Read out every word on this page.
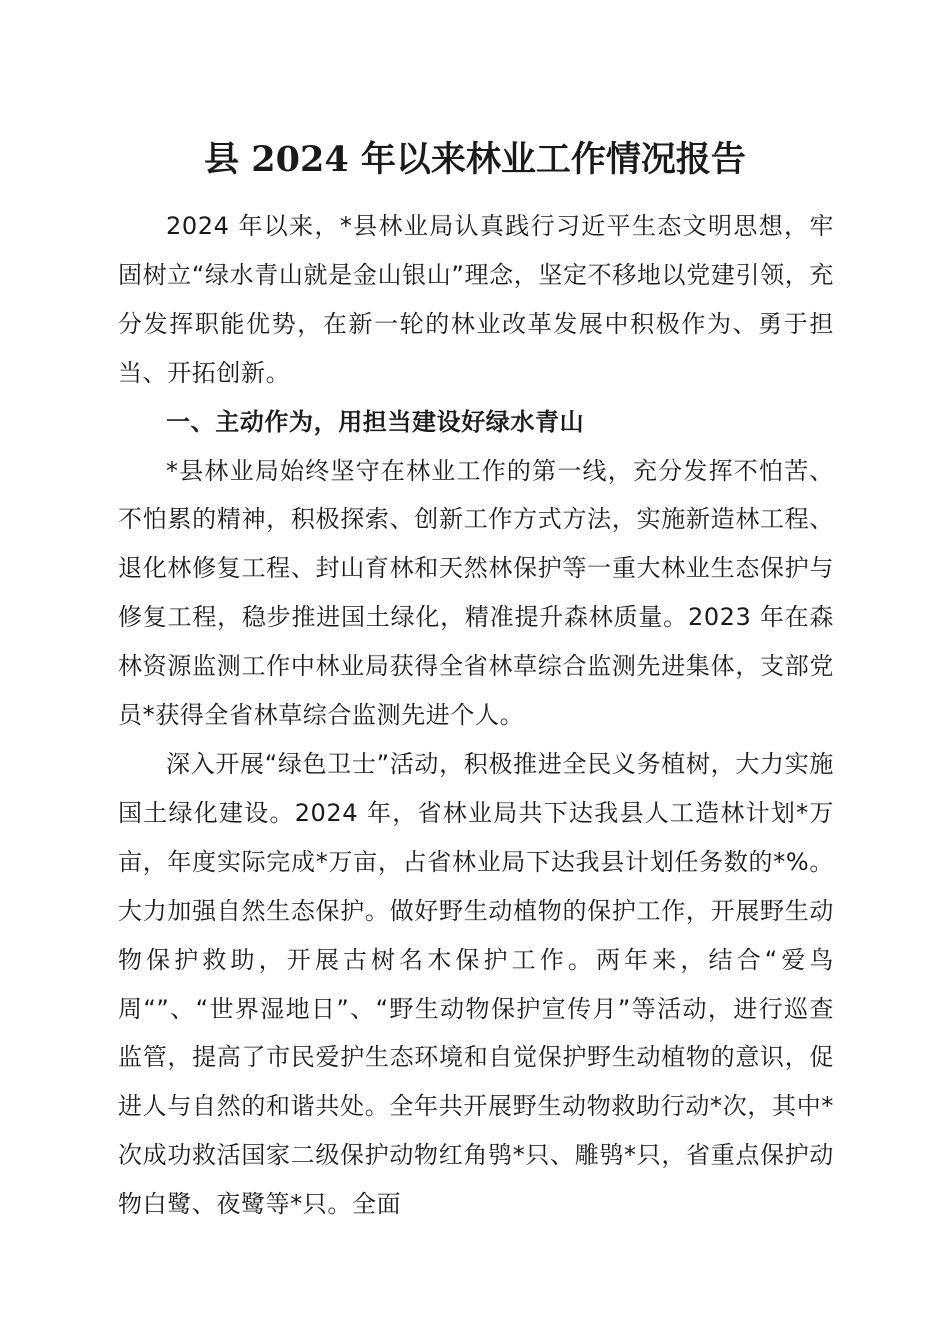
县 2024 年以来林业工作情况报告

2024 年以来，*县林业局认真践行习近平生态文明思想，牢固树立“绿水青山就是金山银山”理念，坚定不移地以党建引领，充分发挥职能优势，在新一轮的林业改革发展中积极作为、勇于担当、开拓创新。

一、主动作为，用担当建设好绿水青山

*县林业局始终坚守在林业工作的第一线，充分发挥不怕苦、不怕累的精神，积极探索、创新工作方式方法，实施新造林工程、退化林修复工程、封山育林和天然林保护等一重大林业生态保护与修复工程，稳步推进国土绿化，精准提升森林质量。2023 年在森林资源监测工作中林业局获得全省林草综合监测先进集体，支部党员*获得全省林草综合监测先进个人。

深入开展“绿色卫士”活动，积极推进全民义务植树，大力实施国土绿化建设。2024 年，省林业局共下达我县人工造林计划*万亩，年度实际完成*万亩，占省林业局下达我县计划任务数的*%。大力加强自然生态保护。做好野生动植物的保护工作，开展野生动物保护救助，开展古树名木保护工作。两年来，结合“爱鸟周“”、“世界湿地日”、“野生动物保护宣传月”等活动，进行巡查监管，提高了市民爱护生态环境和自觉保护野生动植物的意识，促进人与自然的和谐共处。全年共开展野生动物救助行动*次，其中*次成功救活国家二级保护动物红角鸮*只、雕鸮*只，省重点保护动物白鹭、夜鹭等*只。全面
